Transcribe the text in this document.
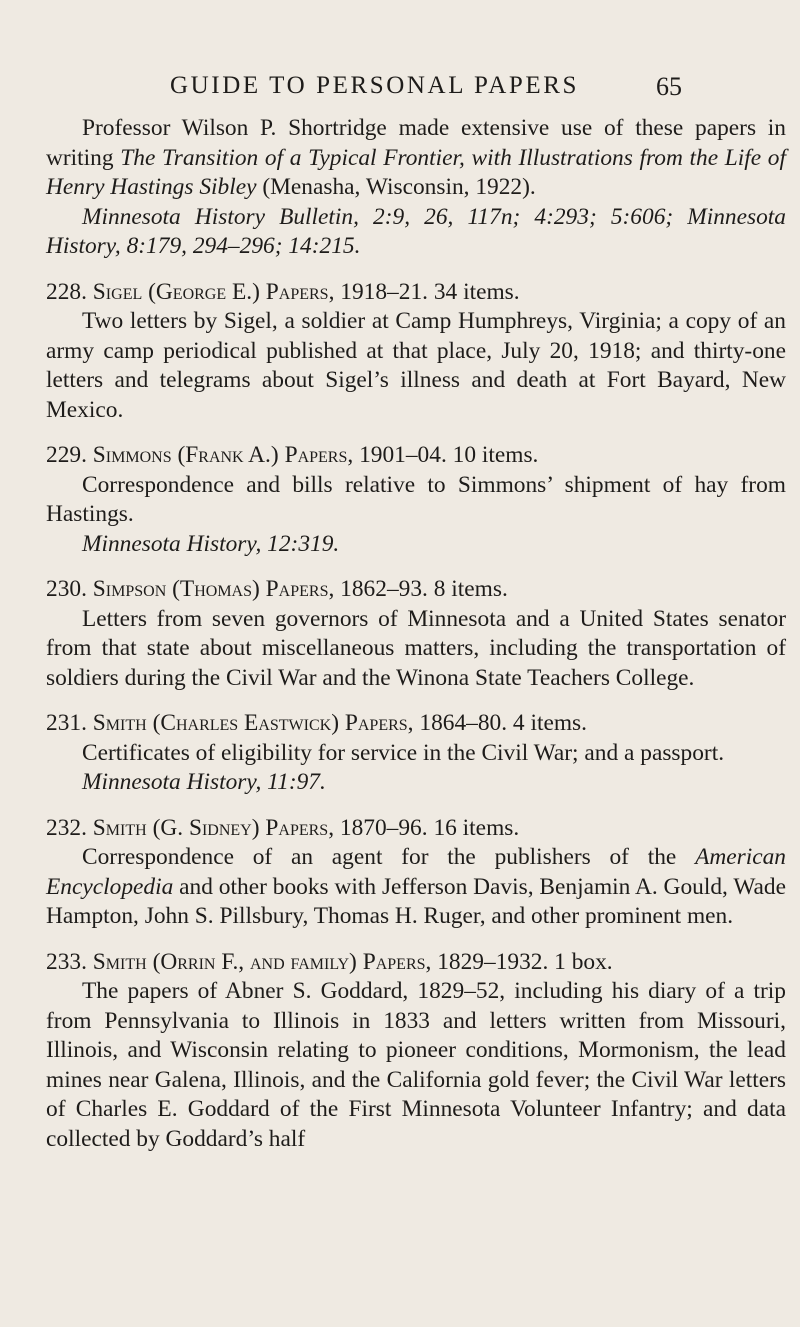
GUIDE TO PERSONAL PAPERS	65

Professor Wilson P. Shortridge made extensive use of these papers in writing The Transition of a Typical Frontier, with Illustrations from the Life of Henry Hastings Sibley (Menasha, Wisconsin, 1922).

Minnesota History Bulletin, 2:9, 26, 117n; 4:293; 5:606; Minnesota History, 8:179, 294–296; 14:215.

228. Sigel (George E.) Papers, 1918–21. 34 items.

Two letters by Sigel, a soldier at Camp Humphreys, Virginia; a copy of an army camp periodical published at that place, July 20, 1918; and thirty-one letters and telegrams about Sigel’s illness and death at Fort Bayard, New Mexico.

229. Simmons (Frank A.) Papers, 1901–04. 10 items.

Correspondence and bills relative to Simmons’ shipment of hay from Hastings.

Minnesota History, 12:319.

230. Simpson (Thomas) Papers, 1862–93. 8 items.

Letters from seven governors of Minnesota and a United States senator from that state about miscellaneous matters, including the transportation of soldiers during the Civil War and the Winona State Teachers College.

231. Smith (Charles Eastwick) Papers, 1864–80. 4 items.

Certificates of eligibility for service in the Civil War; and a passport.

Minnesota History, 11:97.

232. Smith (G. Sidney) Papers, 1870–96. 16 items.

Correspondence of an agent for the publishers of the American Encyclopedia and other books with Jefferson Davis, Benjamin A. Gould, Wade Hampton, John S. Pillsbury, Thomas H. Ruger, and other prominent men.

233. Smith (Orrin F., and family) Papers, 1829–1932. 1 box.

The papers of Abner S. Goddard, 1829–52, including his diary of a trip from Pennsylvania to Illinois in 1833 and letters written from Missouri, Illinois, and Wisconsin relating to pioneer conditions, Mormonism, the lead mines near Galena, Illinois, and the California gold fever; the Civil War letters of Charles E. Goddard of the First Minnesota Volunteer Infantry; and data collected by Goddard’s half
